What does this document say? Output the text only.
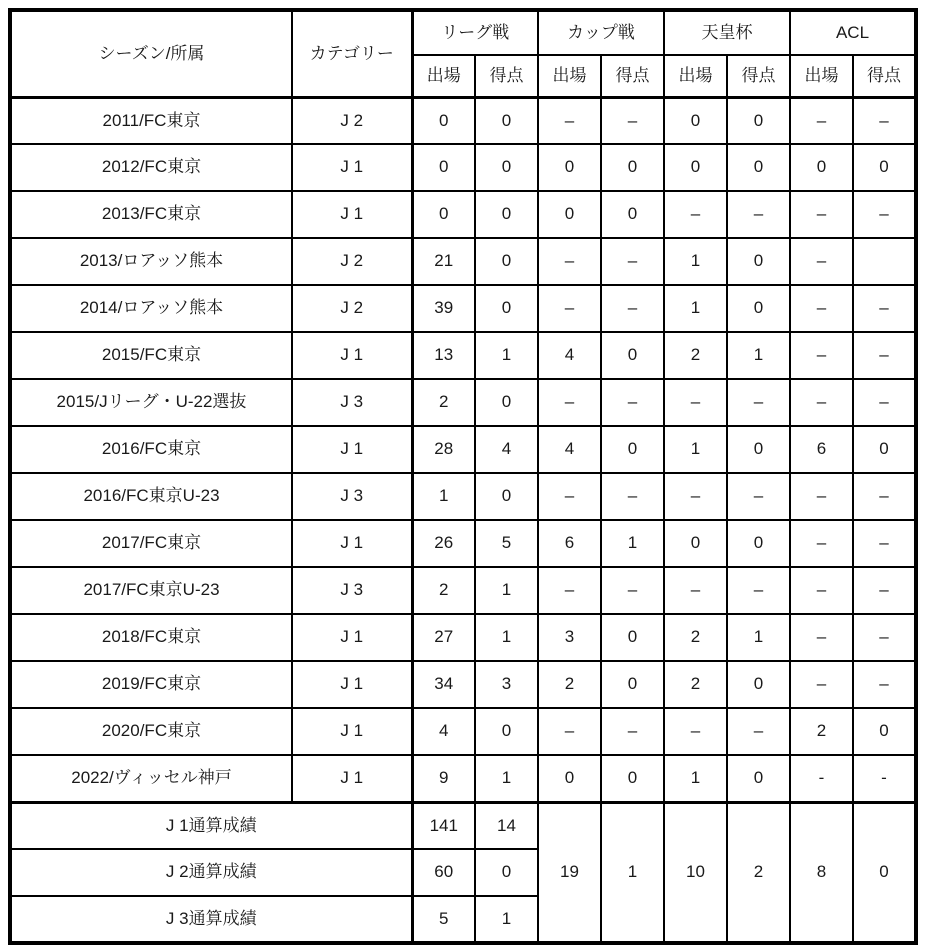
シーズン/所属	カテゴリー	リーグ戦		カップ戦		天皇杯		ACL	
		出場	得点	出場	得点	出場	得点	出場	得点
2011/FC東京	J 2	0	0	–	–	0	0	–	–
2012/FC東京	J 1	0	0	0	0	0	0	0	0
2013/FC東京	J 1	0	0	0	0	–	–	–	–
2013/ロアッソ熊本	J 2	21	0	–	–	1	0	–	
2014/ロアッソ熊本	J 2	39	0	–	–	1	0	–	–
2015/FC東京	J 1	13	1	4	0	2	1	–	–
2015/Jリーグ・U-22選抜	J 3	2	0	–	–	–	–	–	–
2016/FC東京	J 1	28	4	4	0	1	0	6	0
2016/FC東京U-23	J 3	1	0	–	–	–	–	–	–
2017/FC東京	J 1	26	5	6	1	0	0	–	–
2017/FC東京U-23	J 3	2	1	–	–	–	–	–	–
2018/FC東京	J 1	27	1	3	0	2	1	–	–
2019/FC東京	J 1	34	3	2	0	2	0	–	–
2020/FC東京	J 1	4	0	–	–	–	–	2	0
2022/ヴィッセル神戸	J 1	9	1	0	0	1	0	-	-
J 1通算成績		141	14	19	1	10	2	8	0
J 2通算成績		60	0						
J 3通算成績		5	1						
